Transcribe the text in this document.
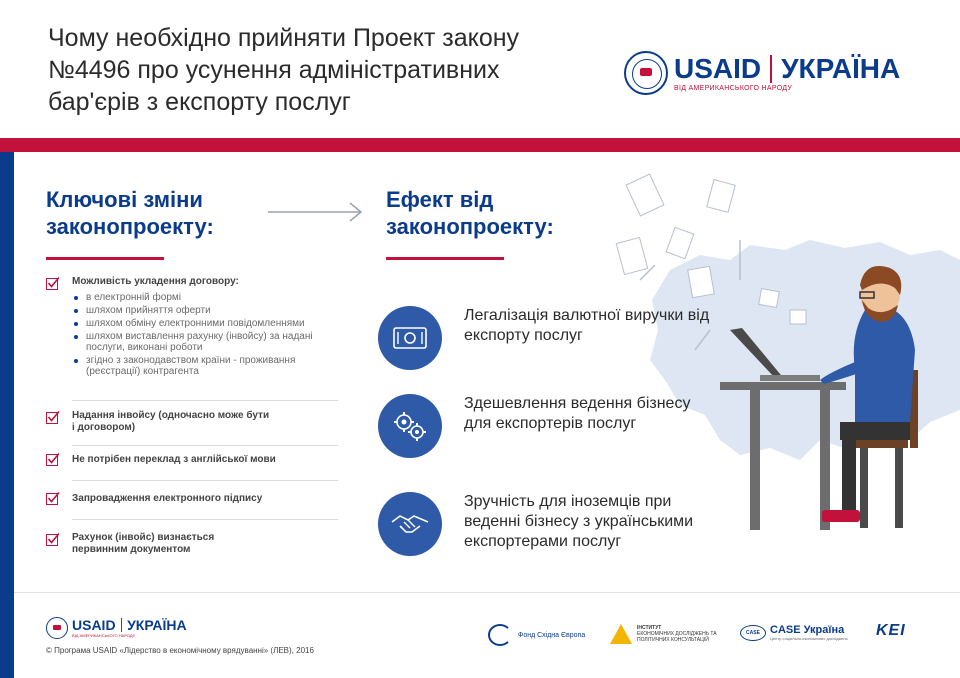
Чому необхідно прийняти Проект закону №4496 про усунення адміністративних бар'єрів з експорту послуг
USAID УКРАЇНА
ВІД АМЕРИКАНСЬКОГО НАРОДУ
Ключові зміни законопроекту:
Ефект від законопроекту:
Можливість укладення договору:
в електронній формі
шляхом прийняття оферти
шляхом обміну електронними повідомленнями
шляхом виставлення рахунку (інвойсу) за надані послуги, виконані роботи
згідно з законодавством країни - проживання (реєстрації) контрагента
Надання інвойсу (одночасно може бути і договором)
Не потрібен переклад з англійської мови
Запровадження електронного підпису
Рахунок (інвойс) визнається первинним документом
Легалізація валютної виручки від експорту послуг
Здешевлення ведення бізнесу для експортерів послуг
Зручність для іноземців при веденні бізнесу з українськими експортерами послуг
USAID УКРАЇНА
ВІД АМЕРИКАНСЬКОГО НАРОДУ
© Програма USAID «Лідерство в економічному врядуванні» (ЛЕВ), 2016
Фонд Східна Європа
ІНСТИТУТ
ЕКОНОМІЧНИХ ДОСЛІДЖЕНЬ ТА ПОЛІТИЧНИХ КОНСУЛЬТАЦІЙ
CASE CASE Україна
Центр соціально-економічних досліджень KEI
